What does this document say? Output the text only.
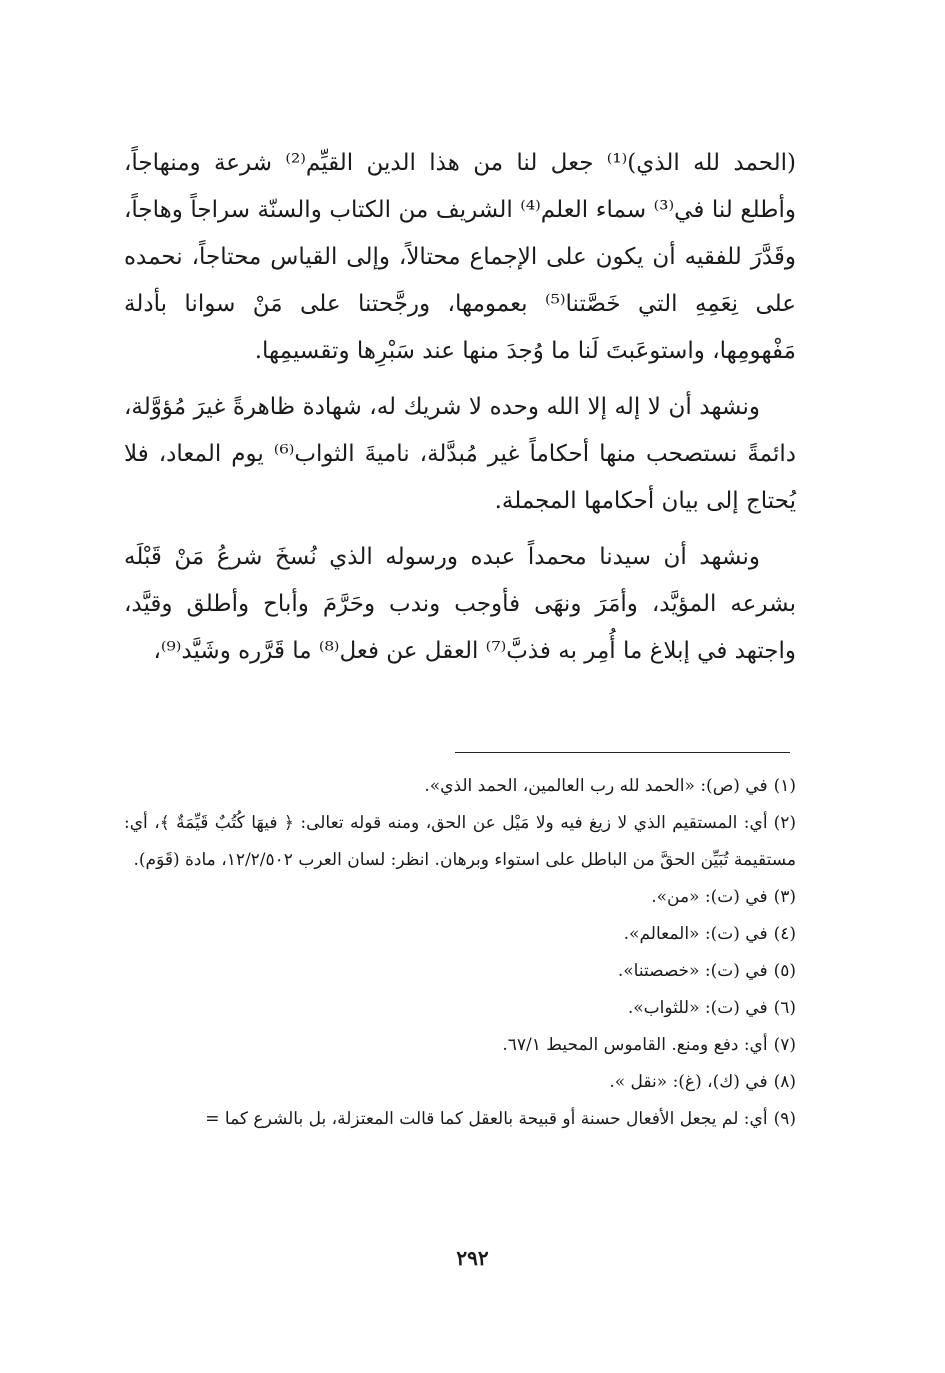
(الحمد لله الذي)⁽¹⁾ جعل لنا من هذا الدين القيِّم⁽²⁾ شرعة ومنهاجاً، وأطلع لنا في⁽³⁾ سماء العلم⁽⁴⁾ الشريف من الكتاب والسنّة سراجاً وهاجاً، وقَدَّرَ للفقيه أن يكون على الإجماع محتالاً، وإلى القياس محتاجاً، نحمده على نِعَمِهِ التي خَصَّتنا⁽⁵⁾ بعمومها، ورجَّحتنا على مَنْ سوانا بأدلة مَفْهومِها، واستوعَبتَ لَنا ما وُجدَ منها عند سَبْرِها وتقسيمِها.

ونشهد أن لا إله إلا الله وحده لا شريك له، شهادة ظاهرةً غيرَ مُؤوَّلة، دائمةً نستصحب منها أحكاماً غير مُبدَّلة، ناميةَ الثواب⁽⁶⁾ يوم المعاد، فلا يُحتاج إلى بيان أحكامها المجملة.

ونشهد أن سيدنا محمداً عبده ورسوله الذي نُسخَ شرعُ مَنْ قَبْلَه بشرعه المؤيَّد، وأمَرَ ونهَى فأوجب وندب وحَرَّمَ وأباح وأطلق وقيَّد، واجتهد في إبلاغ ما أُمِر به فذبَّ⁽⁷⁾ العقل عن فعل⁽⁸⁾ ما قَرَّره وشَيَّد⁽⁹⁾،

(١)في (ص): «الحمد لله رب العالمين، الحمد الذي».

(٢)أي: المستقيم الذي لا زيغ فيه ولا مَيْل عن الحق، ومنه قوله تعالى: ﴿ فيهَا كُتُبٌ قَيِّمَةٌ ﴾، أي: مستقيمة تُبَيِّن الحقَّ من الباطل على استواء وبرهان. انظر: لسان العرب ١٢/٢/٥٠٢، مادة (قَوَم).

(٣)في (ت): «من».

(٤)في (ت): «المعالم».

(٥)في (ت): «خصصتنا».

(٦)في (ت): «للثواب».

(٧)أي: دفع ومنع. القاموس المحيط ٦٧/١.

(٨)في (ك)، (غ): «نقل ».

(٩)أي: لم يجعل الأفعال حسنة أو قبيحة بالعقل كما قالت المعتزلة، بل بالشرع كما =

٢٩٢
